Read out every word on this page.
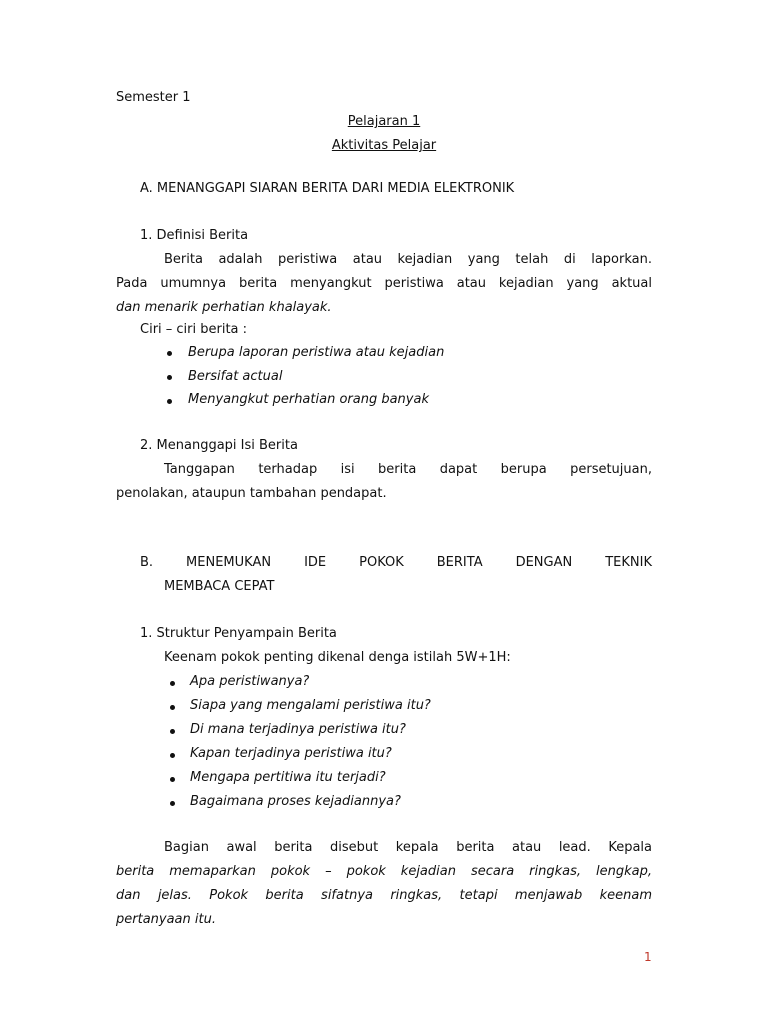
Semester 1
Pelajaran 1
Aktivitas Pelajar
A. MENANGGAPI SIARAN BERITA DARI MEDIA ELEKTRONIK
1. Definisi Berita
Berita adalah peristiwa atau kejadian yang telah di laporkan.
Pada umumnya berita menyangkut peristiwa atau kejadian yang aktual
dan menarik perhatian khalayak.
Ciri – ciri berita :
Berupa laporan peristiwa atau kejadian
Bersifat actual
Menyangkut perhatian orang banyak
2. Menanggapi Isi Berita
Tanggapan terhadap isi berita dapat berupa persetujuan,
penolakan, ataupun tambahan pendapat.
B. MENEMUKAN IDE POKOK BERITA DENGAN TEKNIK
MEMBACA CEPAT
1. Struktur Penyampain Berita
Keenam pokok penting dikenal denga istilah 5W+1H:
Apa peristiwanya?
Siapa yang mengalami peristiwa itu?
Di mana terjadinya peristiwa itu?
Kapan terjadinya peristiwa itu?
Mengapa pertitiwa itu terjadi?
Bagaimana proses kejadiannya?
Bagian awal berita disebut kepala berita atau lead. Kepala
berita memaparkan pokok – pokok kejadian secara ringkas, lengkap,
dan jelas. Pokok berita sifatnya ringkas, tetapi menjawab keenam
pertanyaan itu.
1
